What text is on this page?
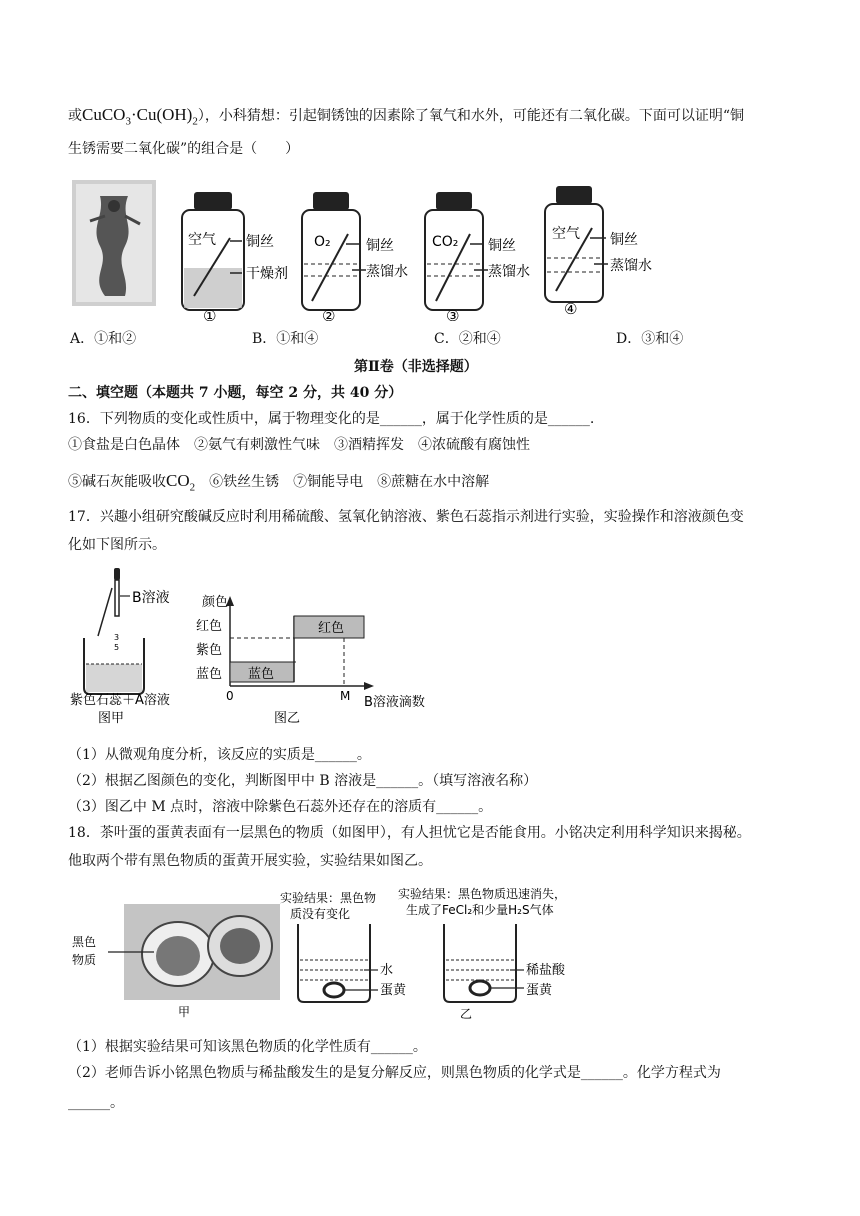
或$CuCO_3\cdot Cu(OH)_2$），小科猜想：引起铜锈蚀的因素除了氧气和水外，可能还有二氧化碳。下面可以证明“铜
生锈需要二氧化碳”的组合是（　　）
空气 铜丝
干燥剂
①
O₂	铜丝
蒸馏水
②
CO₂ 铜丝
蒸馏水
③
空气 铜丝
蒸馏水
④
A．①和②	B．①和④	C．②和④	D．③和④
第Ⅱ卷（非选择题）
二、填空题（本题共 7 小题，每空 2 分，共 40 分）
16．下列物质的变化或性质中，属于物理变化的是______，属于化学性质的是______.
①食盐是白色晶体　②氨气有刺激性气味　③酒精挥发　④浓硫酸有腐蚀性
⑤碱石灰能吸收$CO_2$　 ⑥铁丝生锈　⑦铜能导电　⑧蔗糖在水中溶解
17．兴趣小组研究酸碱反应时利用稀硫酸、氢氧化钠溶液、紫色石蕊指示剂进行实验，实验操作和溶液颜色变
化如下图所示。
3
5
B溶液
紫色石蕊＋A溶液
图甲
颜色
红色
紫色
蓝色
0	M B溶液滴数
红色
蓝色
图乙
（1）从微观角度分析，该反应的实质是______。
（2）根据乙图颜色的变化，判断图甲中 B 溶液是______。（填写溶液名称）
（3）图乙中 M 点时，溶液中除紫色石蕊外还存在的溶质有______。
18．茶叶蛋的蛋黄表面有一层黑色的物质（如图甲），有人担忧它是否能食用。小铭决定利用科学知识来揭秘。
他取两个带有黑色物质的蛋黄开展实验，实验结果如图乙。
黑色
物质
甲
实验结果：黑色物
质没有变化
水
蛋黄
实验结果：黑色物质迅速消失，
生成了FeCl₂和少量H₂S气体
稀盐酸
蛋黄
乙
（1）根据实验结果可知该黑色物质的化学性质有______。
（2）老师告诉小铭黑色物质与稀盐酸发生的是复分解反应，则黑色物质的化学式是______。化学方程式为
______。
